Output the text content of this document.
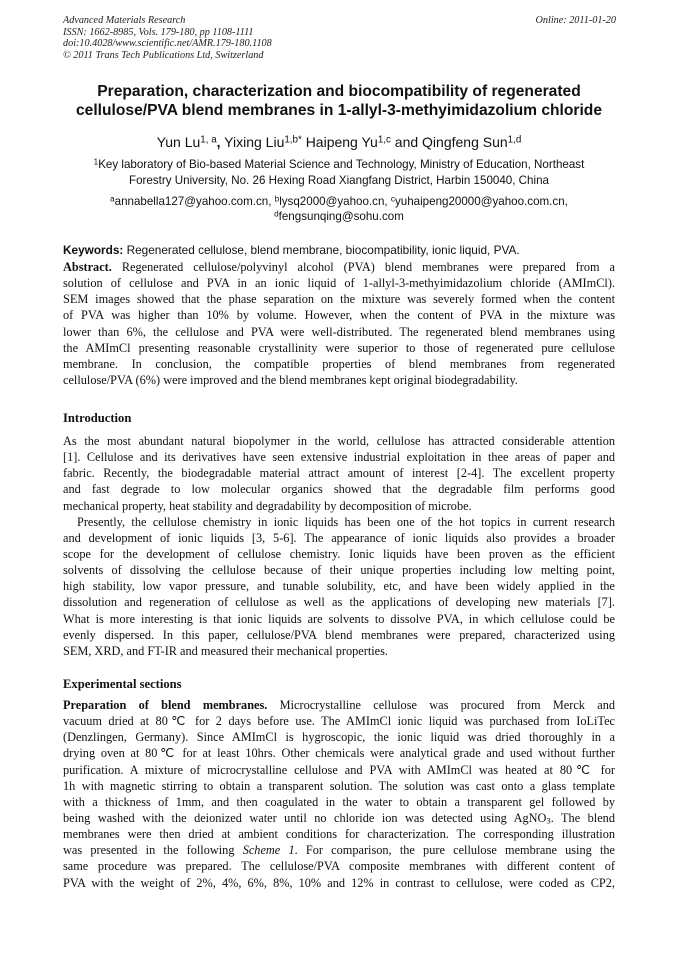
Advanced Materials Research
ISSN: 1662-8985, Vols. 179-180, pp 1108-1111
doi:10.4028/www.scientific.net/AMR.179-180.1108
© 2011 Trans Tech Publications Ltd, Switzerland
Online: 2011-01-20
Preparation, characterization and biocompatibility of regenerated
cellulose/PVA blend membranes in 1-allyl-3-methyimidazolium chloride
Yun Lu$^{1, a}$, Yixing Liu$^{1,b*}$ Haipeng Yu$^{1,c}$ and Qingfeng Sun$^{1,d}$
$^1$Key laboratory of Bio-based Material Science and Technology, Ministry of Education, Northeast
Forestry University, No. 26 Hexing Road Xiangfang District, Harbin 150040, China
$^a$annabella127@yahoo.com.cn, $^b$lysq2000@yahoo.cn, $^c$yuhaipeng20000@yahoo.com.cn,
$^d$fengsunqing@sohu.com
Keywords: Regenerated cellulose, blend membrane, biocompatibility, ionic liquid, PVA.
Abstract. Regenerated cellulose/polyvinyl alcohol (PVA) blend membranes were prepared from a
solution of cellulose and PVA in an ionic liquid of 1-allyl-3-methyimidazolium chloride (AMImCl).
SEM images showed that the phase separation on the mixture was severely formed when the content
of PVA was higher than 10% by volume. However, when the content of PVA in the mixture was
lower than 6%, the cellulose and PVA were well-distributed. The regenerated blend membranes using
the AMImCl presenting reasonable crystallinity were superior to those of regenerated pure cellulose
membrane. In conclusion, the compatible properties of blend membranes from regenerated
cellulose/PVA (6%) were improved and the blend membranes kept original biodegradability.
Introduction
As the most abundant natural biopolymer in the world, cellulose has attracted considerable attention
[1]. Cellulose and its derivatives have seen extensive industrial exploitation in thee areas of paper and
fabric. Recently, the biodegradable material attract amount of interest [2-4]. The excellent property
and fast degrade to low molecular organics showed that the degradable film performs good
mechanical property, heat stability and degradability by decomposition of microbe.
Presently, the cellulose chemistry in ionic liquids has been one of the hot topics in current research
and development of ionic liquids [3, 5-6]. The appearance of ionic liquids also provides a broader
scope for the development of cellulose chemistry. Ionic liquids have been proven as the efficient
solvents of dissolving the cellulose because of their unique properties including low melting point,
high stability, low vapor pressure, and tunable solubility, etc, and have been widely applied in the
dissolution and regeneration of cellulose as well as the applications of developing new materials [7].
What is more interesting is that ionic liquids are solvents to dissolve PVA, in which cellulose could be
evenly dispersed. In this paper, cellulose/PVA blend membranes were prepared, characterized using
SEM, XRD, and FT-IR and measured their mechanical properties.
Experimental sections
Preparation of blend membranes. Microcrystalline cellulose was procured from Merck and
vacuum dried at 80℃ for 2 days before use. The AMImCl ionic liquid was purchased from IoLiTec
(Denzlingen, Germany). Since AMImCl is hygroscopic, the ionic liquid was dried thoroughly in a
drying oven at 80℃ for at least 10hrs. Other chemicals were analytical grade and used without further
purification. A mixture of microcrystalline cellulose and PVA with AMImCl was heated at 80℃ for
1h with magnetic stirring to obtain a transparent solution. The solution was cast onto a glass template
with a thickness of 1mm, and then coagulated in the water to obtain a transparent gel followed by
being washed with the deionized water until no chloride ion was detected using AgNO$_3$. The blend
membranes were then dried at ambient conditions for characterization. The corresponding illustration
was presented in the following Scheme 1. For comparison, the pure cellulose membrane using the
same procedure was prepared. The cellulose/PVA composite membranes with different content of
PVA with the weight of 2%, 4%, 6%, 8%, 10% and 12% in contrast to cellulose, were coded as CP2,
